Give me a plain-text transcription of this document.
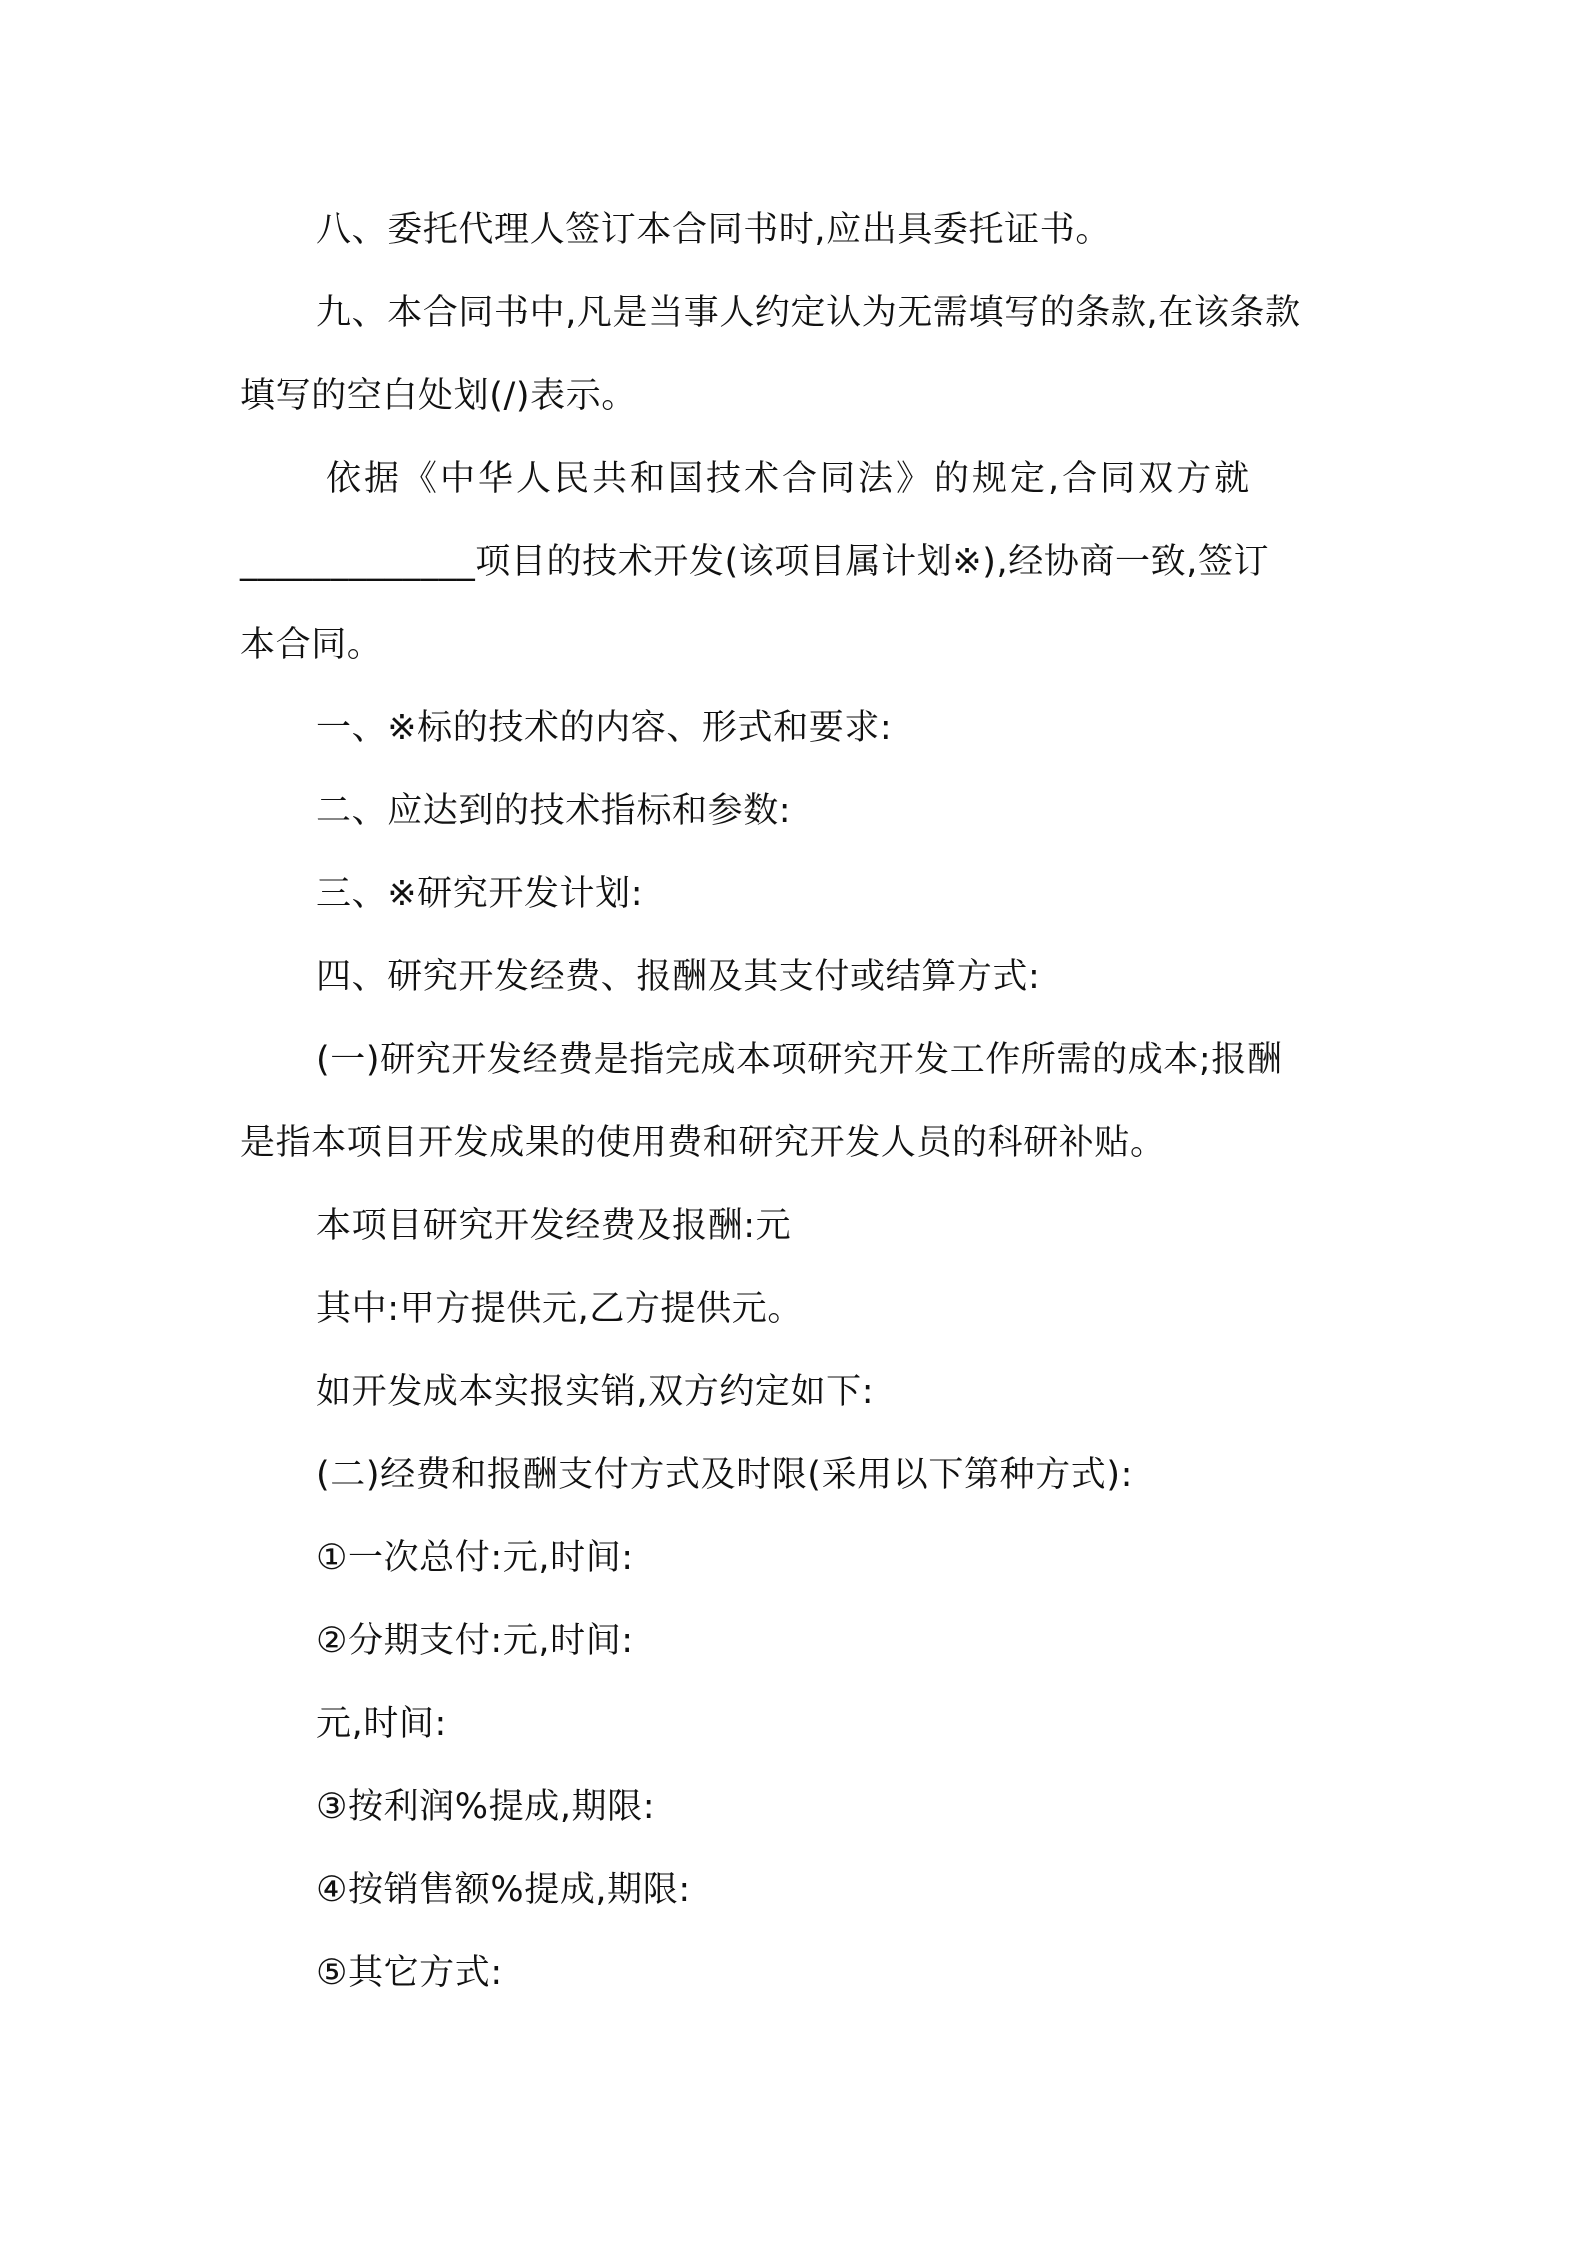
八、委托代理人签订本合同书时,应出具委托证书。
九、本合同书中,凡是当事人约定认为无需填写的条款,在该条款
填写的空白处划(/)表示。
依据《中华人民共和国技术合同法》的规定,合同双方就
_____________项目的技术开发(该项目属计划※),经协商一致,签订
本合同。
一、※标的技术的内容、形式和要求:
二、应达到的技术指标和参数:
三、※研究开发计划:
四、研究开发经费、报酬及其支付或结算方式:
(一)研究开发经费是指完成本项研究开发工作所需的成本;报酬
是指本项目开发成果的使用费和研究开发人员的科研补贴。
本项目研究开发经费及报酬:元
其中:甲方提供元,乙方提供元。
如开发成本实报实销,双方约定如下:
(二)经费和报酬支付方式及时限(采用以下第种方式):
①一次总付:元,时间:
②分期支付:元,时间:
元,时间:
③按利润%提成,期限:
④按销售额%提成,期限:
⑤其它方式:
